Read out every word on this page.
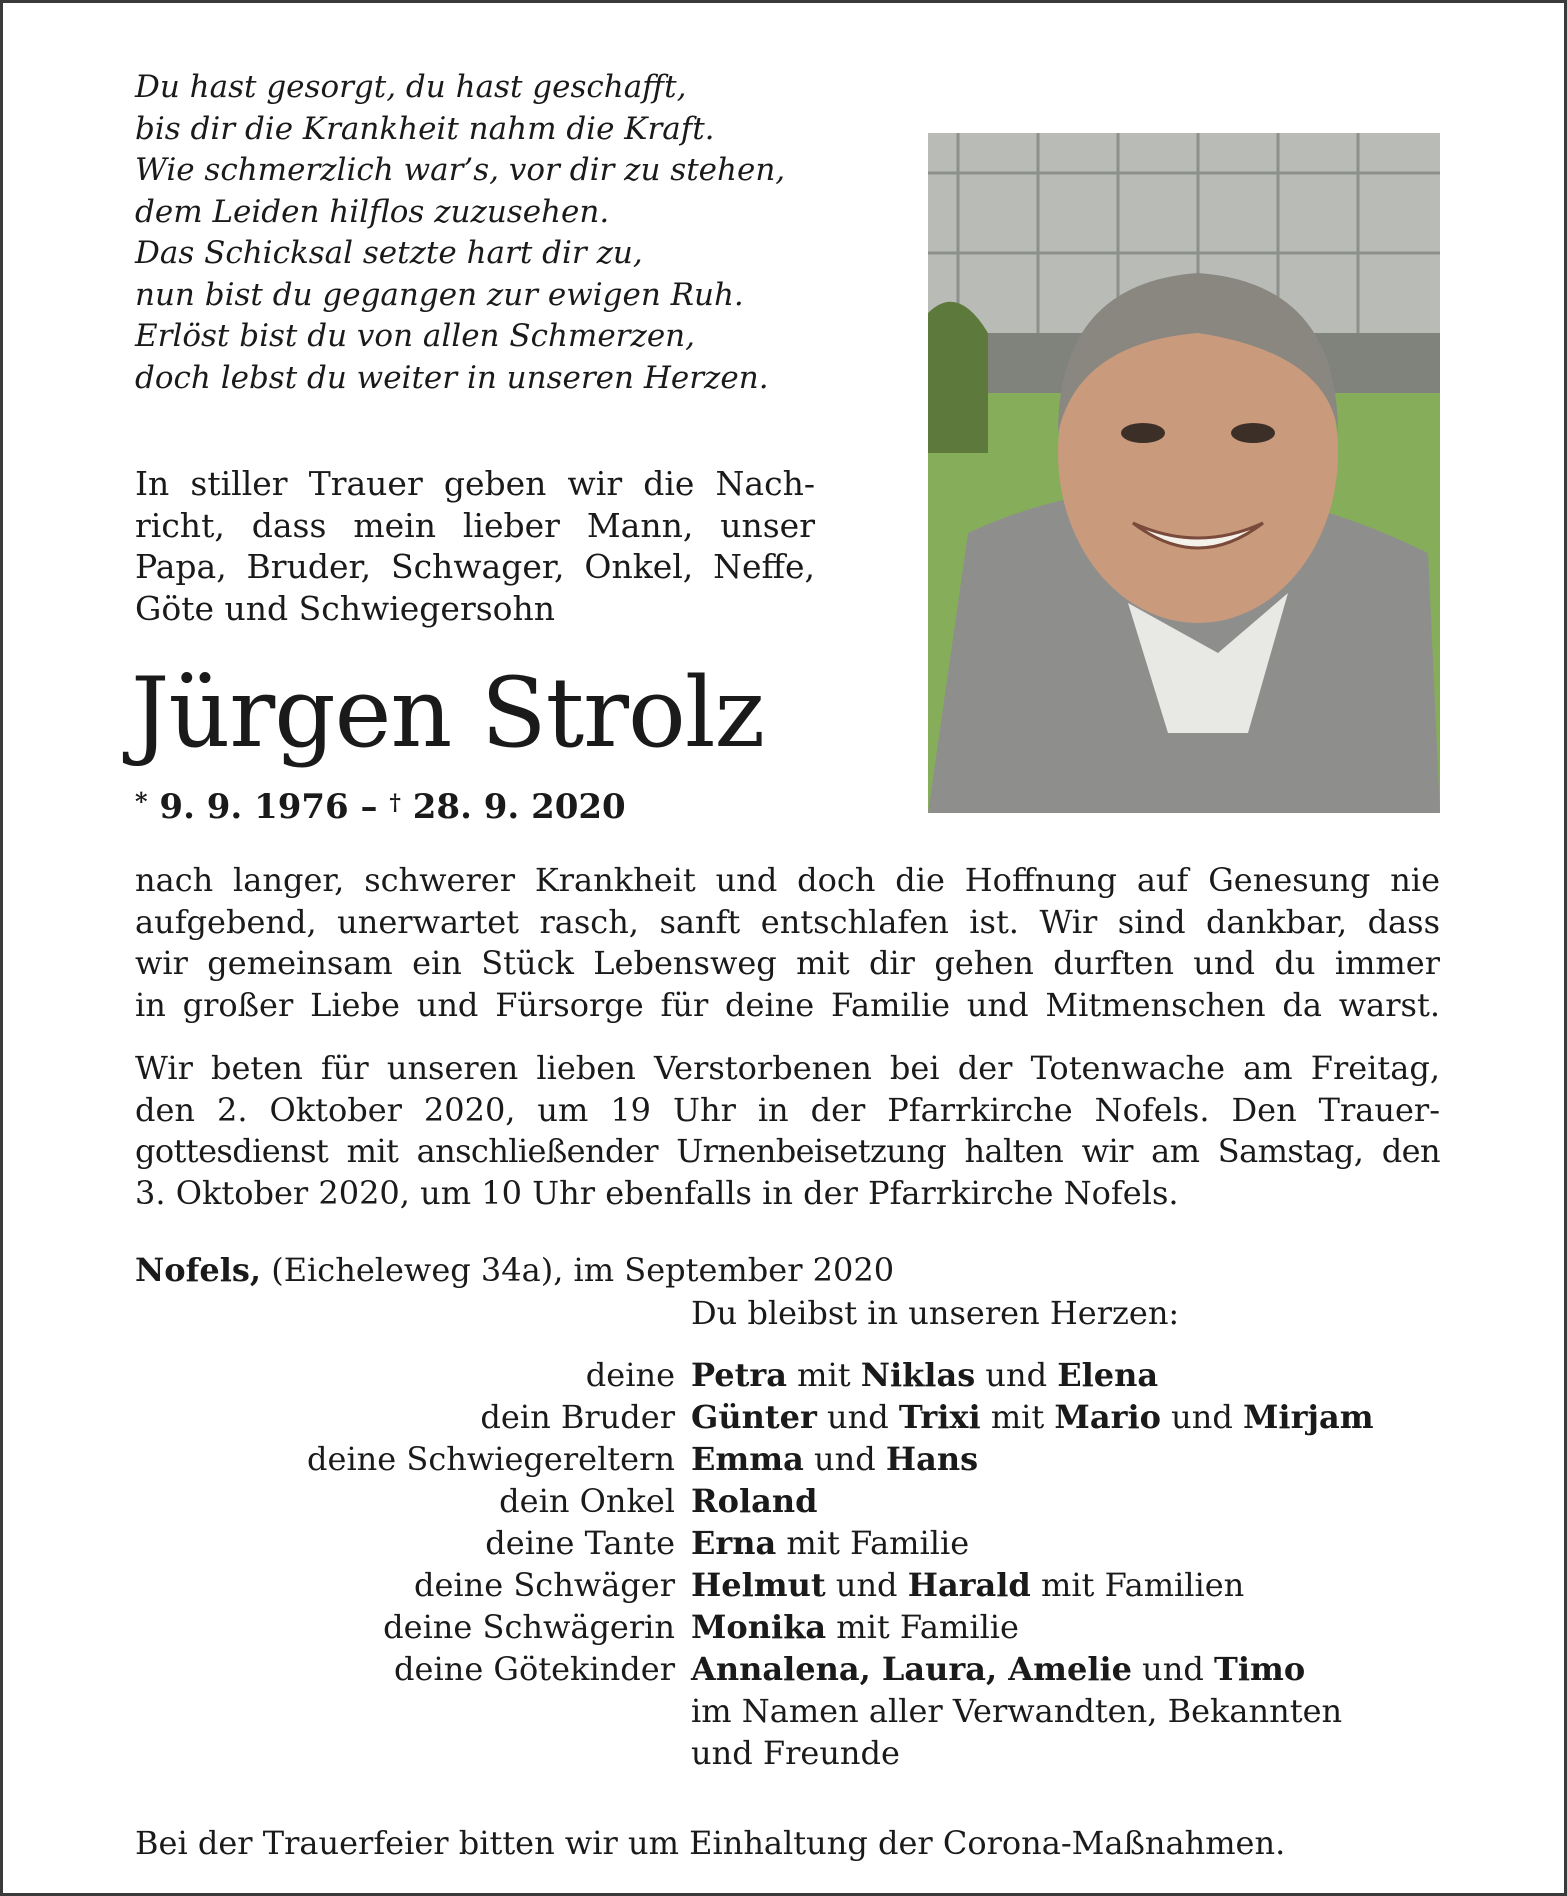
Du hast gesorgt, du hast geschafft,
bis dir die Krankheit nahm die Kraft.
Wie schmerzlich war’s, vor dir zu stehen,
dem Leiden hilflos zuzusehen.
Das Schicksal setzte hart dir zu,
nun bist du gegangen zur ewigen Ruh.
Erlöst bist du von allen Schmerzen,
doch lebst du weiter in unseren Herzen.
In stiller Trauer geben wir die Nach-
richt, dass mein lieber Mann, unser
Papa, Bruder, Schwager, Onkel, Neffe,
Göte und Schwiegersohn
Jürgen Strolz
* 9. 9. 1976 – † 28. 9. 2020
nach langer, schwerer Krankheit und doch die Hoffnung auf Genesung nie
aufgebend, unerwartet rasch, sanft entschlafen ist. Wir sind dankbar, dass
wir gemeinsam ein Stück Lebensweg mit dir gehen durften und du immer
in großer Liebe und Fürsorge für deine Familie und Mitmenschen da warst.
Wir beten für unseren lieben Verstorbenen bei der Totenwache am Freitag,
den 2. Oktober 2020, um 19 Uhr in der Pfarrkirche Nofels. Den Trauer-
gottesdienst mit anschließender Urnenbeisetzung halten wir am Samstag, den
3. Oktober 2020, um 10 Uhr ebenfalls in der Pfarrkirche Nofels.
Nofels, (Eicheleweg 34a), im September 2020
Du bleibst in unseren Herzen:
deine Petra mit Niklas und Elena
dein Bruder Günter und Trixi mit Mario und Mirjam
deine Schwiegereltern Emma und Hans
dein Onkel Roland
deine Tante Erna mit Familie
deine Schwäger Helmut und Harald mit Familien
deine Schwägerin Monika mit Familie
deine Götekinder Annalena, Laura, Amelie und Timo
im Namen aller Verwandten, Bekannten
und Freunde
Bei der Trauerfeier bitten wir um Einhaltung der Corona-Maßnahmen.
